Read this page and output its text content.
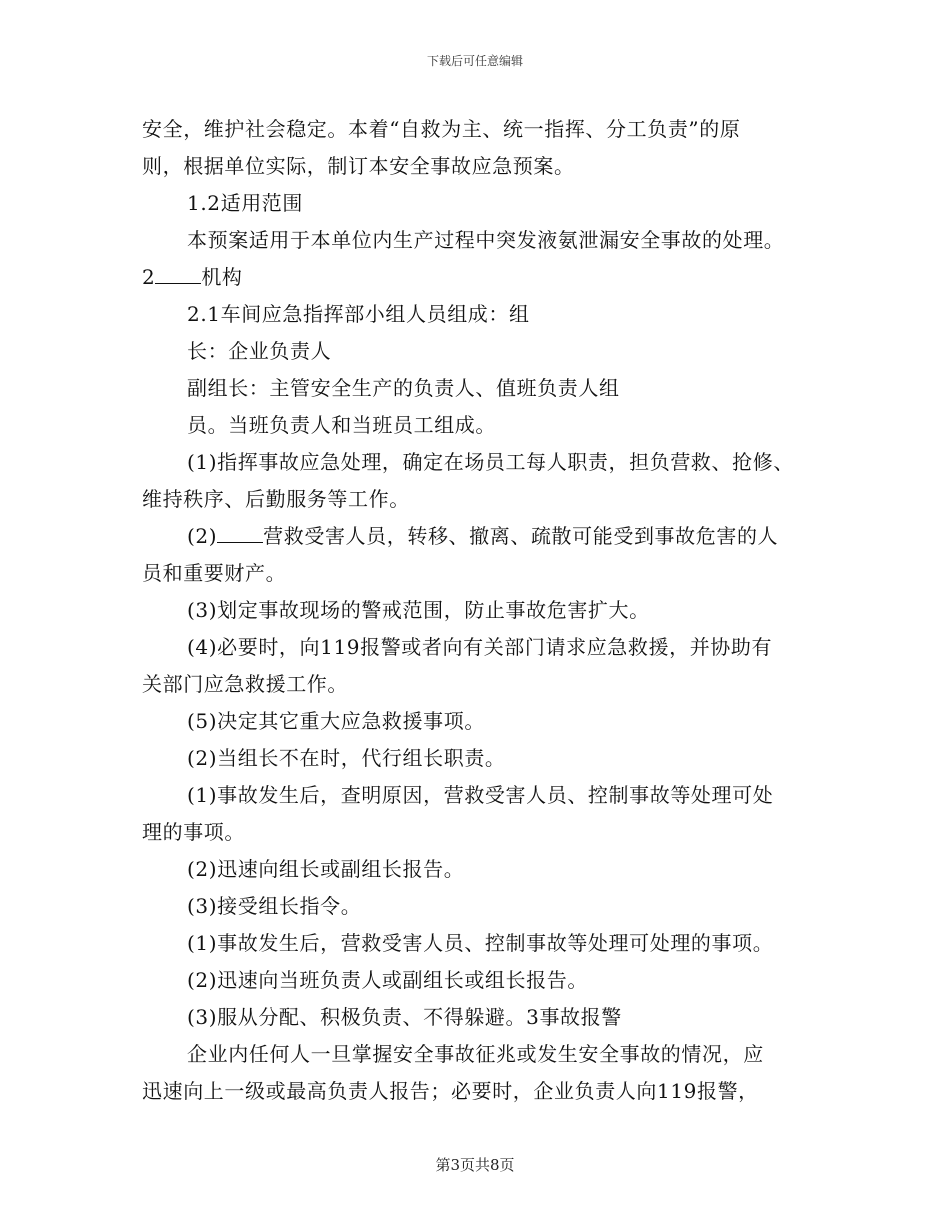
下载后可任意编辑
安全，维护社会稳定。本着“自救为主、统一指挥、分工负责”的原
则，根据单位实际，制订本安全事故应急预案。
1.2适用范围
本预案适用于本单位内生产过程中突发液氨泄漏安全事故的处理。
2 机构
2.1车间应急指挥部小组人员组成：组
长：企业负责人
副组长：主管安全生产的负责人、值班负责人组
员。当班负责人和当班员工组成。
(1)指挥事故应急处理，确定在场员工每人职责，担负营救、抢修、
维持秩序、后勤服务等工作。
(2) 营救受害人员，转移、撤离、疏散可能受到事故危害的人
员和重要财产。
(3)划定事故现场的警戒范围，防止事故危害扩大。
(4)必要时，向119报警或者向有关部门请求应急救援，并协助有
关部门应急救援工作。
(5)决定其它重大应急救援事项。
(2)当组长不在时，代行组长职责。
(1)事故发生后，查明原因，营救受害人员、控制事故等处理可处
理的事项。
(2)迅速向组长或副组长报告。
(3)接受组长指令。
(1)事故发生后，营救受害人员、控制事故等处理可处理的事项。
(2)迅速向当班负责人或副组长或组长报告。
(3)服从分配、积极负责、不得躲避。3事故报警
企业内任何人一旦掌握安全事故征兆或发生安全事故的情况，应
迅速向上一级或最高负责人报告；必要时，企业负责人向119报警，
第3页共8页
